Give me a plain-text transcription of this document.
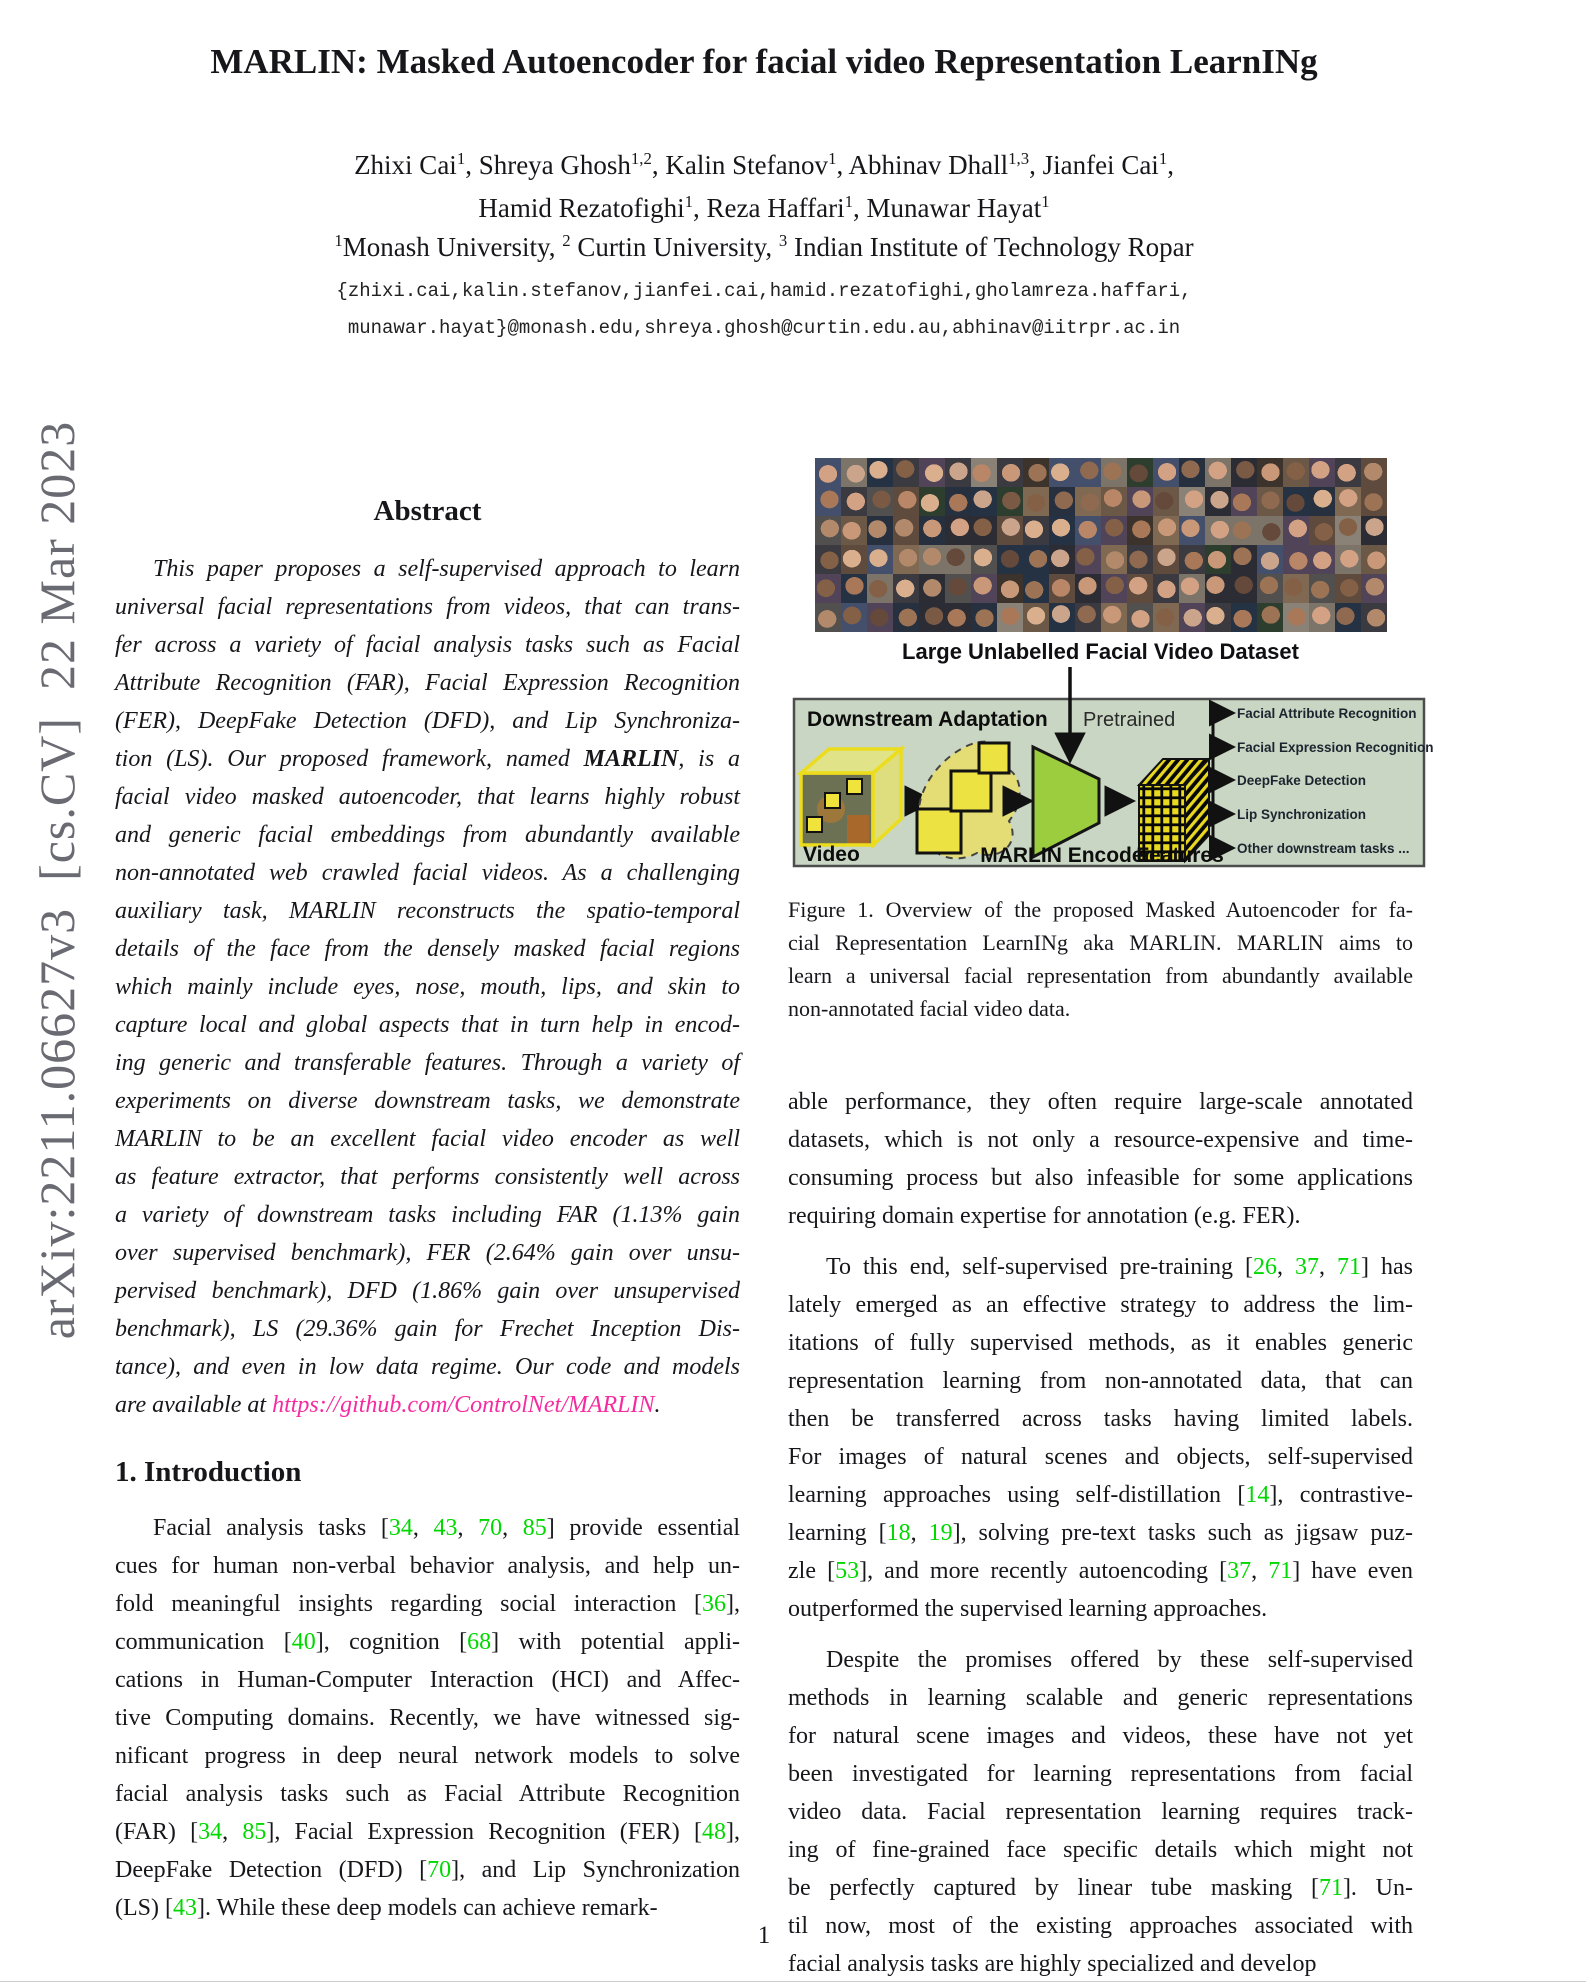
arXiv:2211.06627v3  [cs.CV]  22 Mar 2023
MARLIN: Masked Autoencoder for facial video Representation LearnINg
Zhixi Cai$^1$, Shreya Ghosh$^{1,2}$, Kalin Stefanov$^1$, Abhinav Dhall$^{1,3}$, Jianfei Cai$^1$,
Hamid Rezatofighi$^1$, Reza Haffari$^1$, Munawar Hayat$^1$
$^1$Monash University, $^2$ Curtin University, $^3$ Indian Institute of Technology Ropar
{zhixi.cai,kalin.stefanov,jianfei.cai,hamid.rezatofighi,gholamreza.haffari,
munawar.hayat}@monash.edu,shreya.ghosh@curtin.edu.au,abhinav@iitrpr.ac.in
Abstract
This paper proposes a self-supervised approach to learn
universal facial representations from videos, that can trans-
fer across a variety of facial analysis tasks such as Facial
Attribute Recognition (FAR), Facial Expression Recognition
(FER), DeepFake Detection (DFD), and Lip Synchroniza-
tion (LS). Our proposed framework, named MARLIN, is a
facial video masked autoencoder, that learns highly robust
and generic facial embeddings from abundantly available
non-annotated web crawled facial videos. As a challenging
auxiliary task, MARLIN reconstructs the spatio-temporal
details of the face from the densely masked facial regions
which mainly include eyes, nose, mouth, lips, and skin to
capture local and global aspects that in turn help in encod-
ing generic and transferable features. Through a variety of
experiments on diverse downstream tasks, we demonstrate
MARLIN to be an excellent facial video encoder as well
as feature extractor, that performs consistently well across
a variety of downstream tasks including FAR (1.13% gain
over supervised benchmark), FER (2.64% gain over unsu-
pervised benchmark), DFD (1.86% gain over unsupervised
benchmark), LS (29.36% gain for Frechet Inception Dis-
tance), and even in low data regime. Our code and models
are available at https://github.com/ControlNet/MARLIN.
1. Introduction
Facial analysis tasks [34, 43, 70, 85] provide essential
cues for human non-verbal behavior analysis, and help un-
fold meaningful insights regarding social interaction [36],
communication [40], cognition [68] with potential appli-
cations in Human-Computer Interaction (HCI) and Affec-
tive Computing domains. Recently, we have witnessed sig-
nificant progress in deep neural network models to solve
facial analysis tasks such as Facial Attribute Recognition
(FAR) [34, 85], Facial Expression Recognition (FER) [48],
DeepFake Detection (DFD) [70], and Lip Synchronization
(LS) [43]. While these deep models can achieve remark-
Large Unlabelled Facial Video Dataset
Downstream Adaptation Pretrained
Video	MARLIN Encoder
Features
Facial Attribute Recognition
Facial Expression Recognition
DeepFake Detection
Lip Synchronization
Other downstream tasks ...
Figure 1. Overview of the proposed Masked Autoencoder for fa-
cial Representation LearnINg aka MARLIN. MARLIN aims to
learn a universal facial representation from abundantly available
non-annotated facial video data.
able performance, they often require large-scale annotated
datasets, which is not only a resource-expensive and time-
consuming process but also infeasible for some applications
requiring domain expertise for annotation (e.g. FER).
To this end, self-supervised pre-training [26, 37, 71] has
lately emerged as an effective strategy to address the lim-
itations of fully supervised methods, as it enables generic
representation learning from non-annotated data, that can
then be transferred across tasks having limited labels.
For images of natural scenes and objects, self-supervised
learning approaches using self-distillation [14], contrastive-
learning [18, 19], solving pre-text tasks such as jigsaw puz-
zle [53], and more recently autoencoding [37, 71] have even
outperformed the supervised learning approaches.
Despite the promises offered by these self-supervised
methods in learning scalable and generic representations
for natural scene images and videos, these have not yet
been investigated for learning representations from facial
video data. Facial representation learning requires track-
ing of fine-grained face specific details which might not
be perfectly captured by linear tube masking [71]. Un-
til now, most of the existing approaches associated with
facial analysis tasks are highly specialized and develop
1
